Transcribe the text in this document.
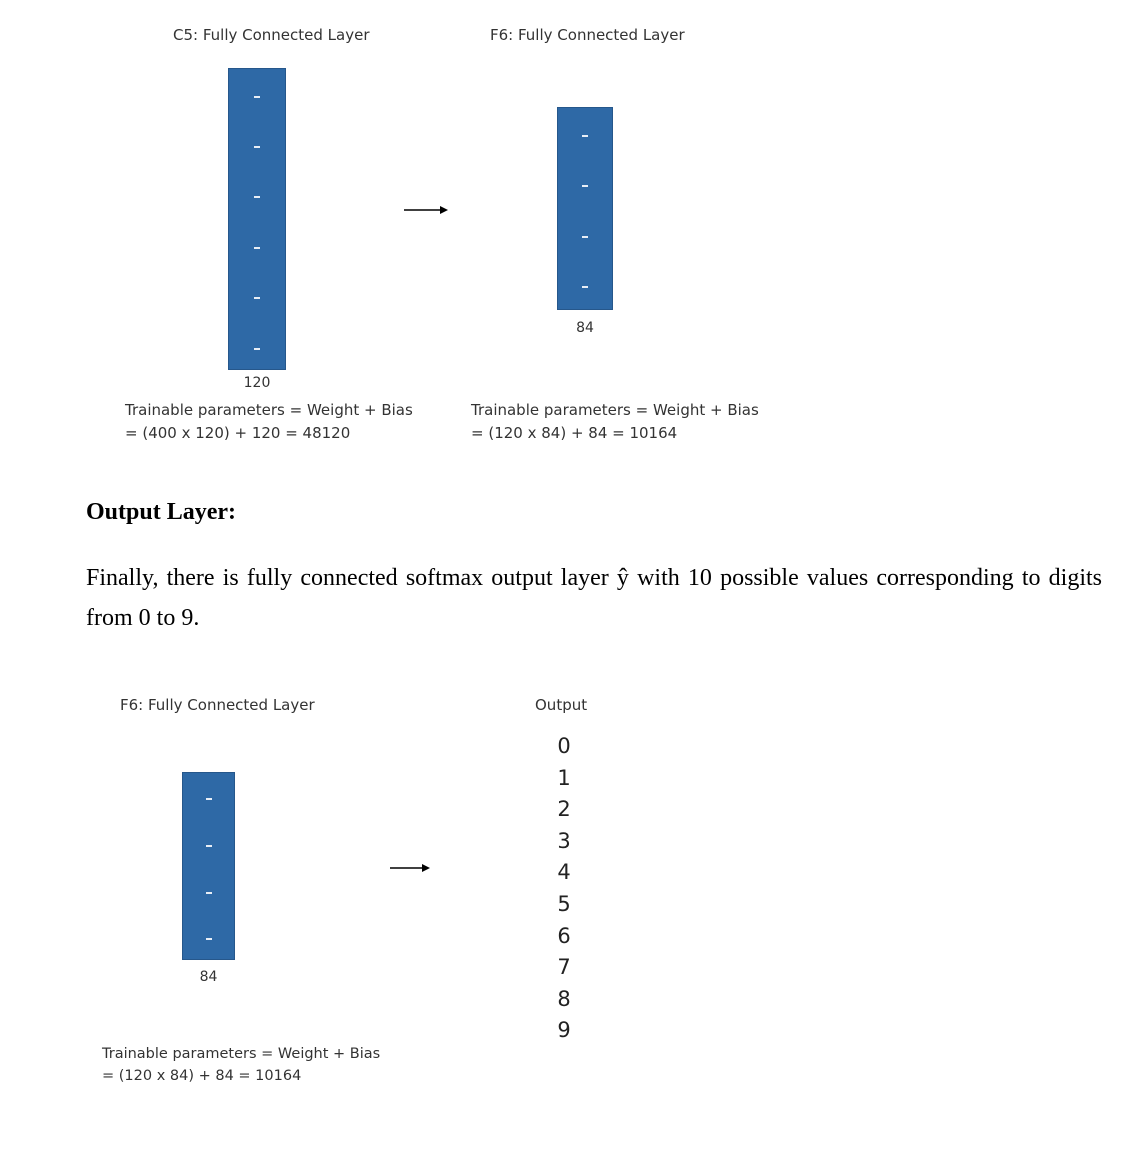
C5: Fully Connected Layer	F6: Fully Connected Layer
120
84
Trainable parameters = Weight + Bias
= (400 x 120) + 120 = 48120
Trainable parameters = Weight + Bias
= (120 x 84) + 84 = 10164
Output Layer:
Finally, there is fully connected softmax output layer ŷ with 10 possible values corresponding to digits from 0 to 9.
F6: Fully Connected Layer	Output
84
0
1
2
3
4
5
6
7
8
9
Trainable parameters = Weight + Bias
= (120 x 84) + 84 = 10164
